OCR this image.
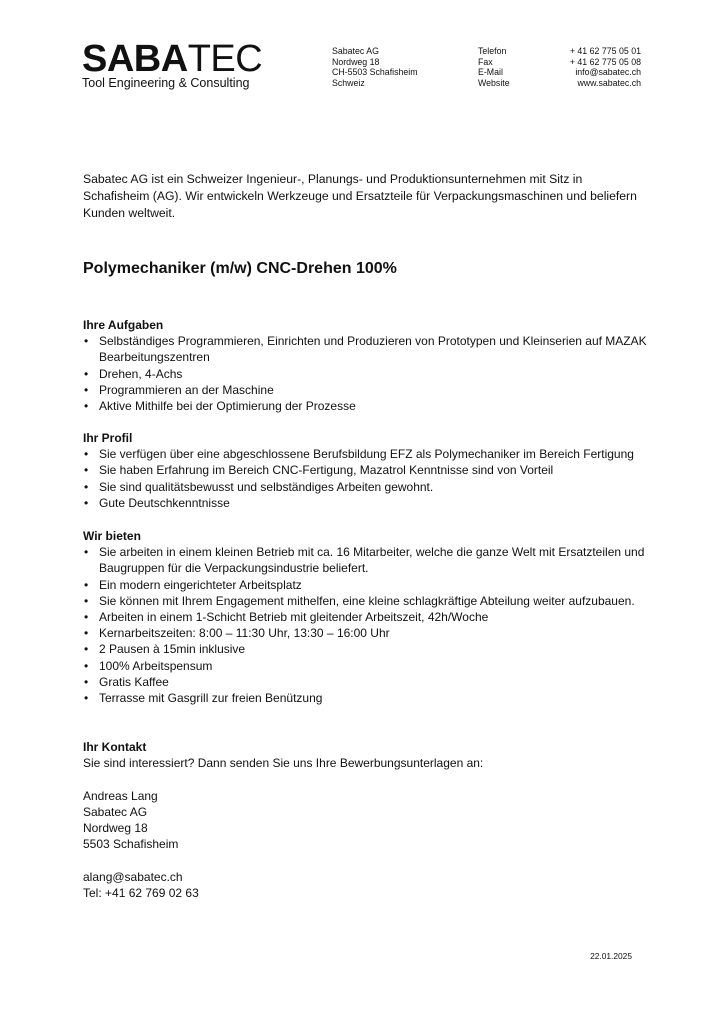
SABATEC
Tool Engineering & Consulting
Sabatec AG
Nordweg 18
CH-5503 Schafisheim
Schweiz
Telefon
Fax
E-Mail
Website
+ 41 62 775 05 01
+ 41 62 775 05 08
info@sabatec.ch
www.sabatec.ch
Sabatec AG ist ein Schweizer Ingenieur-, Planungs- und Produktionsunternehmen mit Sitz in Schafisheim (AG). Wir entwickeln Werkzeuge und Ersatzteile für Verpackungsmaschinen und beliefern Kunden weltweit.
Polymechaniker (m/w) CNC-Drehen 100%
Ihre Aufgaben
• Selbständiges Programmieren, Einrichten und Produzieren von Prototypen und Kleinserien auf MAZAK Bearbeitungszentren
• Drehen, 4-Achs
• Programmieren an der Maschine
• Aktive Mithilfe bei der Optimierung der Prozesse
Ihr Profil
• Sie verfügen über eine abgeschlossene Berufsbildung EFZ als Polymechaniker im Bereich Fertigung
• Sie haben Erfahrung im Bereich CNC-Fertigung, Mazatrol Kenntnisse sind von Vorteil
• Sie sind qualitätsbewusst und selbständiges Arbeiten gewohnt.
• Gute Deutschkenntnisse
Wir bieten
• Sie arbeiten in einem kleinen Betrieb mit ca. 16 Mitarbeiter, welche die ganze Welt mit Ersatzteilen und Baugruppen für die Verpackungsindustrie beliefert.
• Ein modern eingerichteter Arbeitsplatz
• Sie können mit Ihrem Engagement mithelfen, eine kleine schlagkräftige Abteilung weiter aufzubauen.
• Arbeiten in einem 1-Schicht Betrieb mit gleitender Arbeitszeit, 42h/Woche
• Kernarbeitszeiten: 8:00 – 11:30 Uhr, 13:30 – 16:00 Uhr
• 2 Pausen à 15min inklusive
• 100% Arbeitspensum
• Gratis Kaffee
• Terrasse mit Gasgrill zur freien Benützung
Ihr Kontakt
Sie sind interessiert? Dann senden Sie uns Ihre Bewerbungsunterlagen an:
Andreas Lang
Sabatec AG
Nordweg 18
5503 Schafisheim
alang@sabatec.ch
Tel: +41 62 769 02 63
22.01.2025
